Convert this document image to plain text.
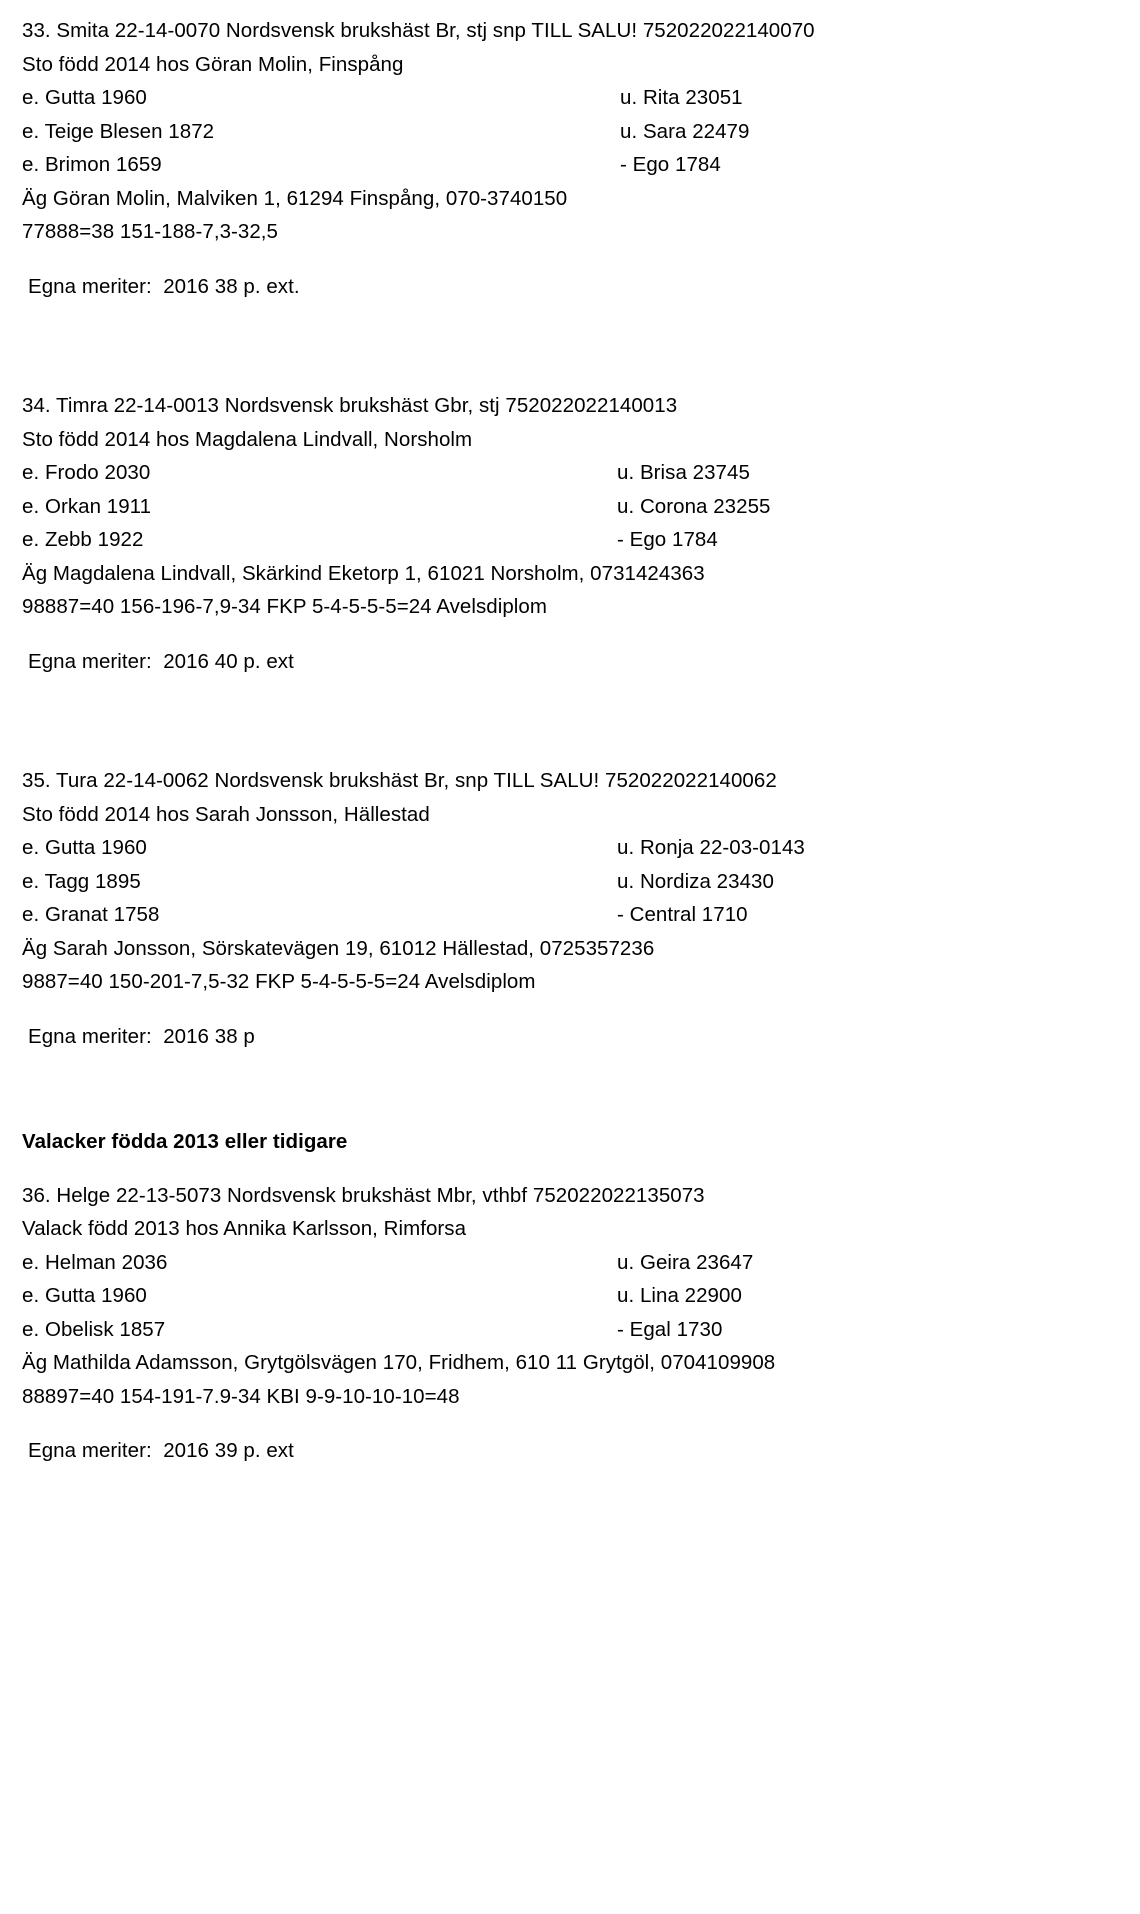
33. Smita 22-14-0070 Nordsvensk brukshäst Br, stj snp TILL SALU! 752022022140070
Sto född 2014 hos Göran Molin, Finspång
e. Gutta 1960	u. Rita 23051
e. Teige Blesen 1872	u. Sara 22479
e. Brimon 1659	- Ego 1784
Äg Göran Molin, Malviken 1, 61294 Finspång, 070-3740150
77888=38 151-188-7,3-32,5
Egna meriter:  2016 38 p. ext.
34. Timra 22-14-0013 Nordsvensk brukshäst Gbr, stj 752022022140013
Sto född 2014 hos Magdalena Lindvall, Norsholm
e. Frodo 2030	u. Brisa 23745
e. Orkan 1911	u. Corona 23255
e. Zebb 1922	- Ego 1784
Äg Magdalena Lindvall, Skärkind Eketorp 1, 61021 Norsholm, 0731424363
98887=40 156-196-7,9-34 FKP 5-4-5-5-5=24 Avelsdiplom
Egna meriter:  2016 40 p. ext
35. Tura 22-14-0062 Nordsvensk brukshäst Br, snp TILL SALU! 752022022140062
Sto född 2014 hos Sarah Jonsson, Hällestad
e. Gutta 1960	u. Ronja 22-03-0143
e. Tagg 1895	u. Nordiza 23430
e. Granat 1758	- Central 1710
Äg Sarah Jonsson, Sörskatevägen 19, 61012 Hällestad, 0725357236
9887=40 150-201-7,5-32 FKP 5-4-5-5-5=24 Avelsdiplom
Egna meriter:  2016 38 p
Valacker födda 2013 eller tidigare
36. Helge 22-13-5073 Nordsvensk brukshäst Mbr, vthbf 752022022135073
Valack född 2013 hos Annika Karlsson, Rimforsa
e. Helman 2036	u. Geira 23647
e. Gutta 1960	u. Lina 22900
e. Obelisk 1857	- Egal 1730
Äg Mathilda Adamsson, Grytgölsvägen 170, Fridhem, 610 11 Grytgöl, 0704109908
88897=40 154-191-7.9-34 KBI 9-9-10-10-10=48
Egna meriter:  2016 39 p. ext
